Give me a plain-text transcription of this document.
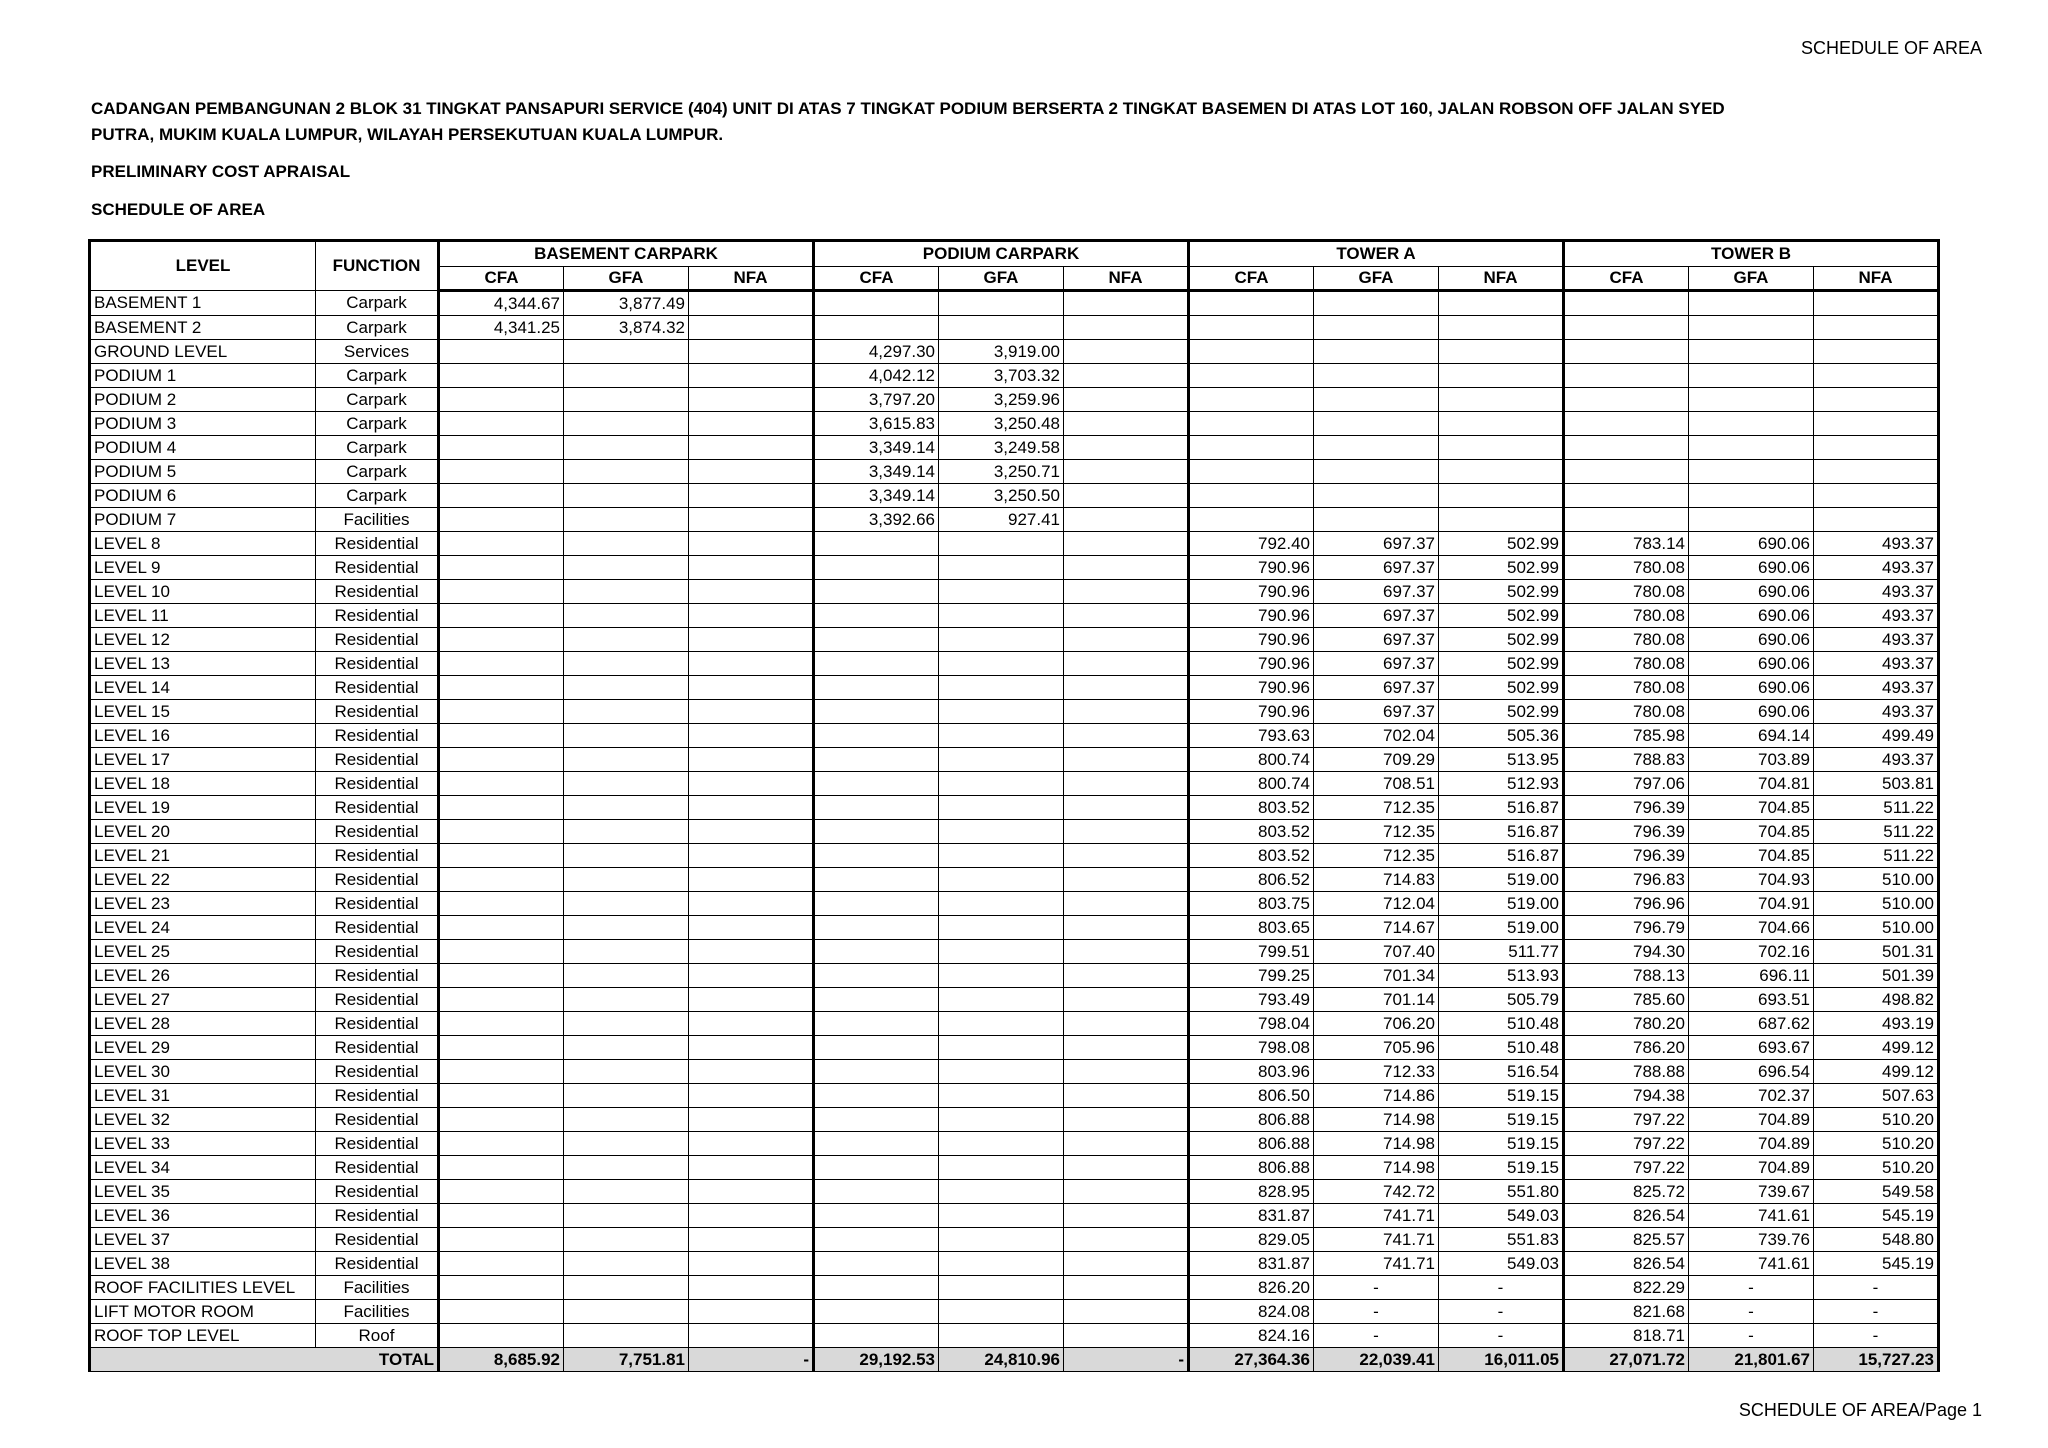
SCHEDULE OF AREA
CADANGAN PEMBANGUNAN 2 BLOK 31 TINGKAT PANSAPURI SERVICE (404) UNIT DI ATAS 7 TINGKAT PODIUM BERSERTA 2 TINGKAT BASEMEN DI ATAS LOT 160, JALAN ROBSON OFF JALAN SYED PUTRA, MUKIM KUALA LUMPUR, WILAYAH PERSEKUTUAN KUALA LUMPUR.
PRELIMINARY COST APRAISAL
SCHEDULE OF AREA
LEVEL	FUNCTION	BASEMENT CARPARK			PODIUM CARPARK			TOWER A			TOWER B		
		CFA	GFA	NFA	CFA	GFA	NFA	CFA	GFA	NFA	CFA	GFA	NFA
BASEMENT 1	Carpark	4,344.67	3,877.49										
BASEMENT 2	Carpark	4,341.25	3,874.32										
GROUND LEVEL	Services				4,297.30	3,919.00							
PODIUM 1	Carpark				4,042.12	3,703.32							
PODIUM 2	Carpark				3,797.20	3,259.96							
PODIUM 3	Carpark				3,615.83	3,250.48							
PODIUM 4	Carpark				3,349.14	3,249.58							
PODIUM 5	Carpark				3,349.14	3,250.71							
PODIUM 6	Carpark				3,349.14	3,250.50							
PODIUM 7	Facilities				3,392.66	927.41							
LEVEL 8	Residential							792.40	697.37	502.99	783.14	690.06	493.37
LEVEL 9	Residential							790.96	697.37	502.99	780.08	690.06	493.37
LEVEL 10	Residential							790.96	697.37	502.99	780.08	690.06	493.37
LEVEL 11	Residential							790.96	697.37	502.99	780.08	690.06	493.37
LEVEL 12	Residential							790.96	697.37	502.99	780.08	690.06	493.37
LEVEL 13	Residential							790.96	697.37	502.99	780.08	690.06	493.37
LEVEL 14	Residential							790.96	697.37	502.99	780.08	690.06	493.37
LEVEL 15	Residential							790.96	697.37	502.99	780.08	690.06	493.37
LEVEL 16	Residential							793.63	702.04	505.36	785.98	694.14	499.49
LEVEL 17	Residential							800.74	709.29	513.95	788.83	703.89	493.37
LEVEL 18	Residential							800.74	708.51	512.93	797.06	704.81	503.81
LEVEL 19	Residential							803.52	712.35	516.87	796.39	704.85	511.22
LEVEL 20	Residential							803.52	712.35	516.87	796.39	704.85	511.22
LEVEL 21	Residential							803.52	712.35	516.87	796.39	704.85	511.22
LEVEL 22	Residential							806.52	714.83	519.00	796.83	704.93	510.00
LEVEL 23	Residential							803.75	712.04	519.00	796.96	704.91	510.00
LEVEL 24	Residential							803.65	714.67	519.00	796.79	704.66	510.00
LEVEL 25	Residential							799.51	707.40	511.77	794.30	702.16	501.31
LEVEL 26	Residential							799.25	701.34	513.93	788.13	696.11	501.39
LEVEL 27	Residential							793.49	701.14	505.79	785.60	693.51	498.82
LEVEL 28	Residential							798.04	706.20	510.48	780.20	687.62	493.19
LEVEL 29	Residential							798.08	705.96	510.48	786.20	693.67	499.12
LEVEL 30	Residential							803.96	712.33	516.54	788.88	696.54	499.12
LEVEL 31	Residential							806.50	714.86	519.15	794.38	702.37	507.63
LEVEL 32	Residential							806.88	714.98	519.15	797.22	704.89	510.20
LEVEL 33	Residential							806.88	714.98	519.15	797.22	704.89	510.20
LEVEL 34	Residential							806.88	714.98	519.15	797.22	704.89	510.20
LEVEL 35	Residential							828.95	742.72	551.80	825.72	739.67	549.58
LEVEL 36	Residential							831.87	741.71	549.03	826.54	741.61	545.19
LEVEL 37	Residential							829.05	741.71	551.83	825.57	739.76	548.80
LEVEL 38	Residential							831.87	741.71	549.03	826.54	741.61	545.19
ROOF FACILITIES LEVEL	Facilities							826.20	-	-	822.29	-	-
LIFT MOTOR ROOM	Facilities							824.08	-	-	821.68	-	-
ROOF TOP LEVEL	Roof							824.16	-	-	818.71	-	-
TOTAL		8,685.92	7,751.81	-	29,192.53	24,810.96	-	27,364.36	22,039.41	16,011.05	27,071.72	21,801.67	15,727.23
SCHEDULE OF AREA/Page 1
